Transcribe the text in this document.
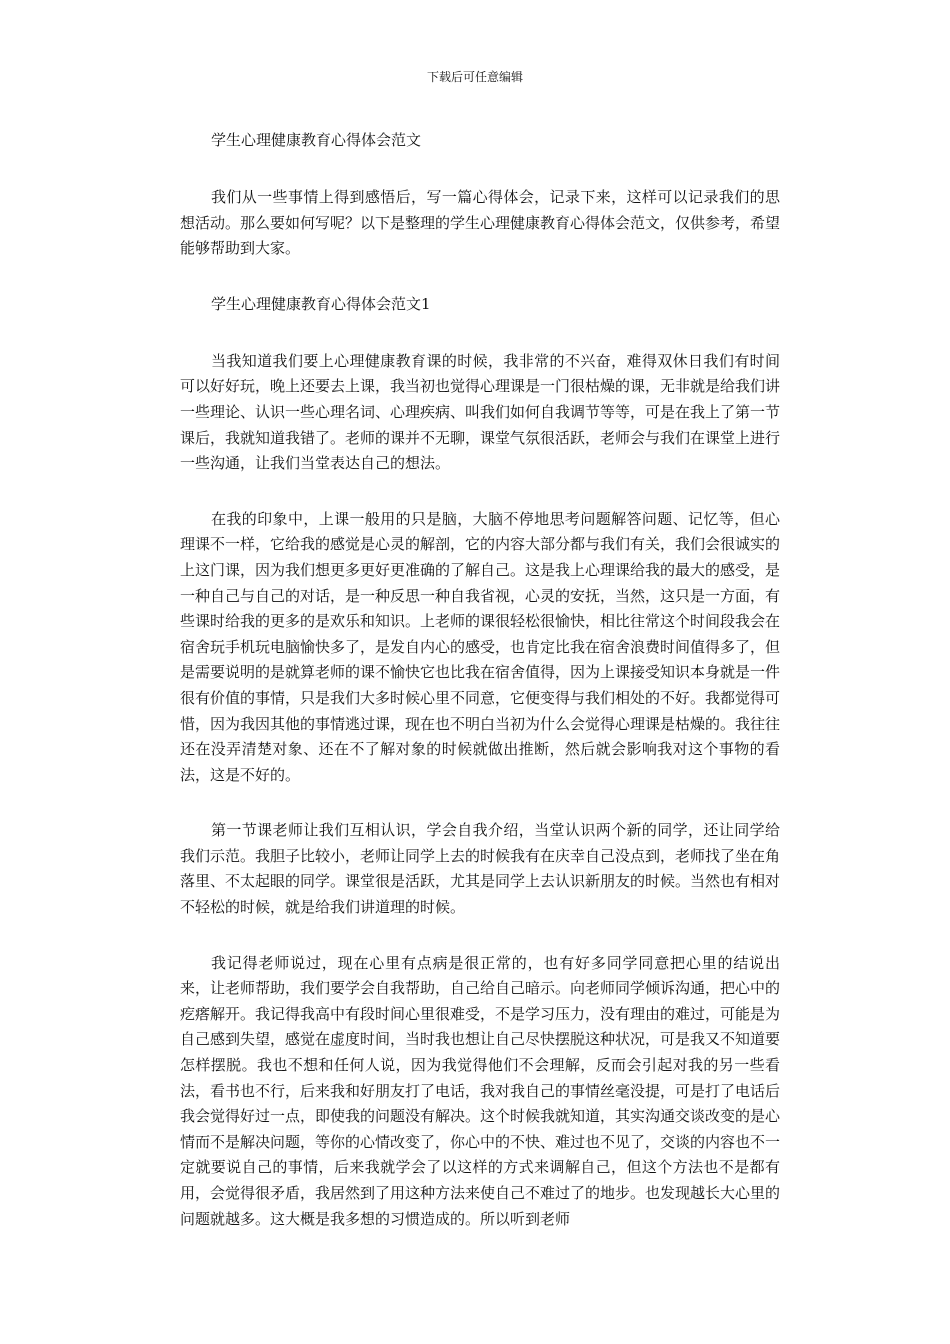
下载后可任意编辑

学生心理健康教育心得体会范文

我们从一些事情上得到感悟后，写一篇心得体会，记录下来，这样可以记录我们的思想活动。那么要如何写呢？以下是整理的学生心理健康教育心得体会范文，仅供参考，希望能够帮助到大家。

学生心理健康教育心得体会范文1

当我知道我们要上心理健康教育课的时候，我非常的不兴奋，难得双休日我们有时间可以好好玩，晚上还要去上课，我当初也觉得心理课是一门很枯燥的课，无非就是给我们讲一些理论、认识一些心理名词、心理疾病、叫我们如何自我调节等等，可是在我上了第一节课后，我就知道我错了。老师的课并不无聊，课堂气氛很活跃，老师会与我们在课堂上进行一些沟通，让我们当堂表达自己的想法。

在我的印象中，上课一般用的只是脑，大脑不停地思考问题解答问题、记忆等，但心理课不一样，它给我的感觉是心灵的解剖，它的内容大部分都与我们有关，我们会很诚实的上这门课，因为我们想更多更好更准确的了解自己。这是我上心理课给我的最大的感受，是一种自己与自己的对话，是一种反思一种自我省视，心灵的安抚，当然，这只是一方面，有些课时给我的更多的是欢乐和知识。上老师的课很轻松很愉快，相比往常这个时间段我会在宿舍玩手机玩电脑愉快多了，是发自内心的感受，也肯定比我在宿舍浪费时间值得多了，但是需要说明的是就算老师的课不愉快它也比我在宿舍值得，因为上课接受知识本身就是一件很有价值的事情，只是我们大多时候心里不同意，它便变得与我们相处的不好。我都觉得可惜，因为我因其他的事情逃过课，现在也不明白当初为什么会觉得心理课是枯燥的。我往往还在没弄清楚对象、还在不了解对象的时候就做出推断，然后就会影响我对这个事物的看法，这是不好的。

第一节课老师让我们互相认识，学会自我介绍，当堂认识两个新的同学，还让同学给我们示范。我胆子比较小，老师让同学上去的时候我有在庆幸自己没点到，老师找了坐在角落里、不太起眼的同学。课堂很是活跃，尤其是同学上去认识新朋友的时候。当然也有相对不轻松的时候，就是给我们讲道理的时候。

我记得老师说过，现在心里有点病是很正常的，也有好多同学同意把心里的结说出来，让老师帮助，我们要学会自我帮助，自己给自己暗示。向老师同学倾诉沟通，把心中的疙瘩解开。我记得我高中有段时间心里很难受，不是学习压力，没有理由的难过，可能是为自己感到失望，感觉在虚度时间，当时我也想让自己尽快摆脱这种状况，可是我又不知道要怎样摆脱。我也不想和任何人说，因为我觉得他们不会理解，反而会引起对我的另一些看法，看书也不行，后来我和好朋友打了电话，我对我自己的事情丝毫没提，可是打了电话后我会觉得好过一点，即使我的问题没有解决。这个时候我就知道，其实沟通交谈改变的是心情而不是解决问题，等你的心情改变了，你心中的不快、难过也不见了，交谈的内容也不一定就要说自己的事情，后来我就学会了以这样的方式来调解自己，但这个方法也不是都有用，会觉得很矛盾，我居然到了用这种方法来使自己不难过了的地步。也发现越长大心里的问题就越多。这大概是我多想的习惯造成的。所以听到老师
